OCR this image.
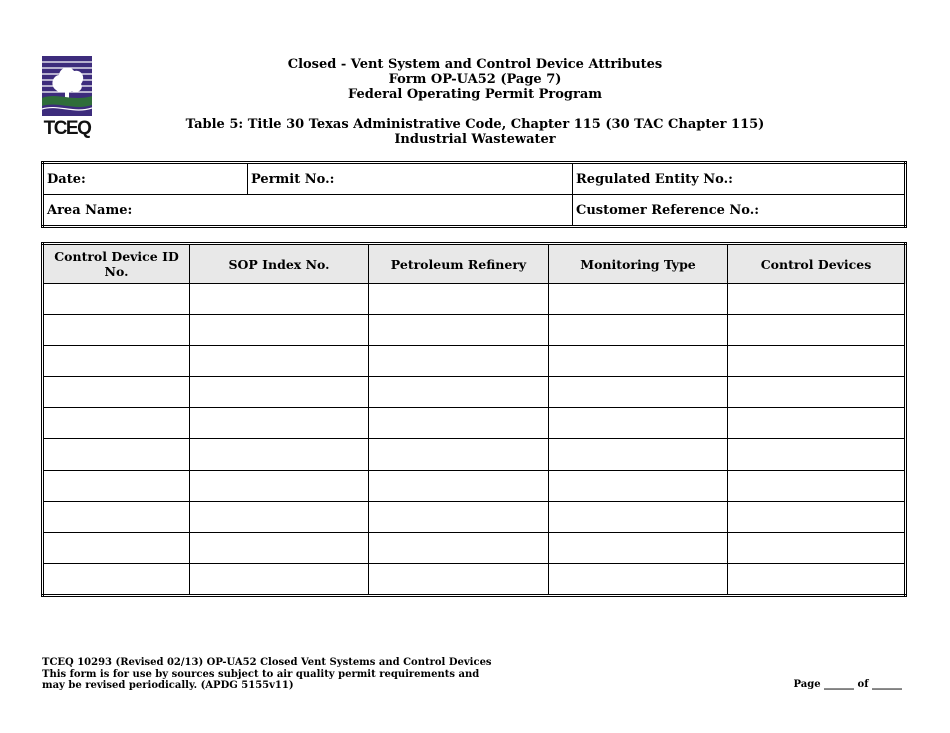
TCEQ
Closed - Vent System and Control Device Attributes
Form OP-UA52 (Page 7)
Federal Operating Permit Program
Table 5: Title 30 Texas Administrative Code, Chapter 115 (30 TAC Chapter 115)
Industrial Wastewater
Date:	Permit No.:	Regulated Entity No.:
Area Name:		Customer Reference No.:
Control Device ID No.	SOP Index No.	Petroleum Refinery	Monitoring Type	Control Devices

TCEQ 10293 (Revised 02/13) OP-UA52 Closed Vent Systems and Control Devices
This form is for use by sources subject to air quality permit requirements and
may be revised periodically. (APDG 5155v11)	Page ______ of ______
